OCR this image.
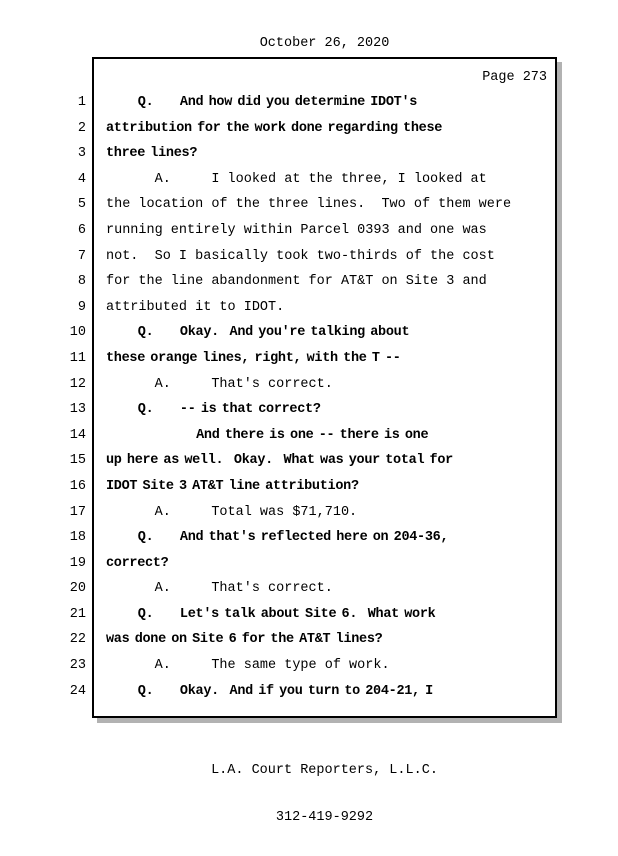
October 26, 2020
Page 273
1      Q.     And how did you determine IDOT's
2 attribution for the work done regarding these
3 three lines?
4      A.     I looked at the three, I looked at
5 the location of the three lines.  Two of them were
6 running entirely within Parcel 0393 and one was
7 not.  So I basically took two-thirds of the cost
8 for the line abandonment for AT&T on Site 3 and
9 attributed it to IDOT.
10      Q.     Okay.  And you're talking about
11 these orange lines, right, with the T --
12      A.     That's correct.
13      Q.     -- is that correct?
14                 And there is one -- there is one
15 up here as well.  Okay.  What was your total for
16 IDOT Site 3 AT&T line attribution?
17      A.     Total was $71,710.
18      Q.     And that's reflected here on 204-36,
19 correct?
20      A.     That's correct.
21      Q.     Let's talk about Site 6.  What work
22 was done on Site 6 for the AT&T lines?
23      A.     The same type of work.
24      Q.     Okay.  And if you turn to 204-21, I

L.A. Court Reporters, L.L.C.

312-419-9292
